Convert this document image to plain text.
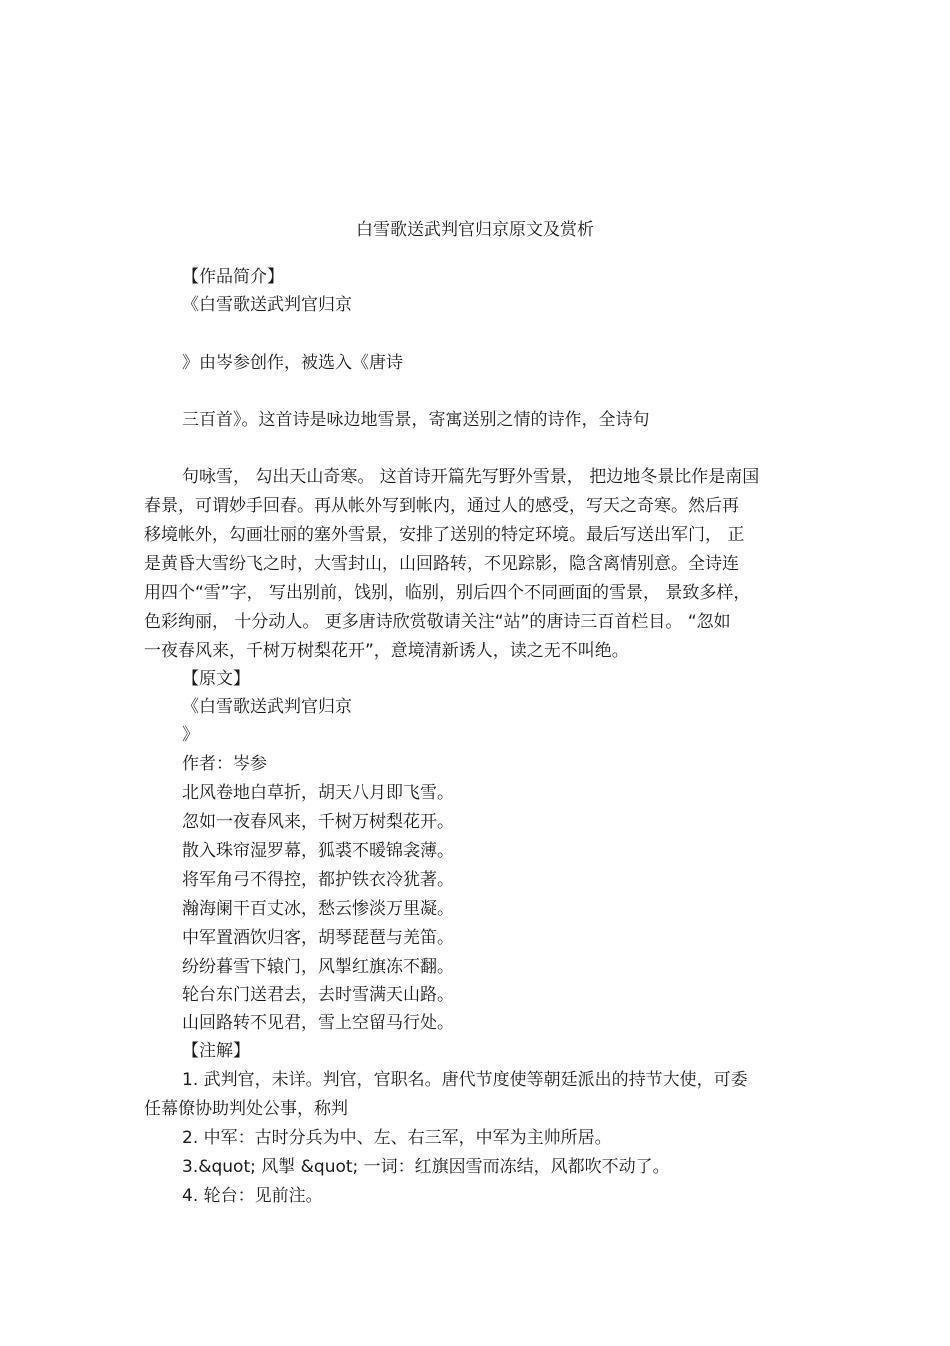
白雪歌送武判官归京原文及赏析
【作品简介】
《白雪歌送武判官归京
》由岑参创作，被选入《唐诗
三百首》。这首诗是咏边地雪景，寄寓送别之情的诗作，全诗句
句咏雪， 勾出天山奇寒。 这首诗开篇先写野外雪景， 把边地冬景比作是南国
春景，可谓妙手回春。再从帐外写到帐内，通过人的感受，写天之奇寒。然后再
移境帐外，勾画壮丽的塞外雪景，安排了送别的特定环境。最后写送出军门， 正
是黄昏大雪纷飞之时，大雪封山，山回路转，不见踪影，隐含离情别意。全诗连
用四个“雪”字， 写出别前，饯别，临别，别后四个不同画面的雪景， 景致多样，
色彩绚丽， 十分动人。 更多唐诗欣赏敬请关注“站”的唐诗三百首栏目。 “忽如
一夜春风来，千树万树梨花开”，意境清新诱人，读之无不叫绝。
【原文】
《白雪歌送武判官归京
》
作者：岑参
北风卷地白草折，胡天八月即飞雪。
忽如一夜春风来，千树万树梨花开。
散入珠帘湿罗幕，狐裘不暖锦衾薄。
将军角弓不得控，都护铁衣冷犹著。
瀚海阑干百丈冰，愁云惨淡万里凝。
中军置酒饮归客，胡琴琵琶与羌笛。
纷纷暮雪下辕门，风掣红旗冻不翻。
轮台东门送君去，去时雪满天山路。
山回路转不见君，雪上空留马行处。
【注解】
1. 武判官，未详。判官，官职名。唐代节度使等朝廷派出的持节大使，可委
任幕僚协助判处公事，称判
2. 中军：古时分兵为中、左、右三军，中军为主帅所居。
3.&quot; 风掣 &quot; 一词：红旗因雪而冻结，风都吹不动了。
4. 轮台：见前注。
